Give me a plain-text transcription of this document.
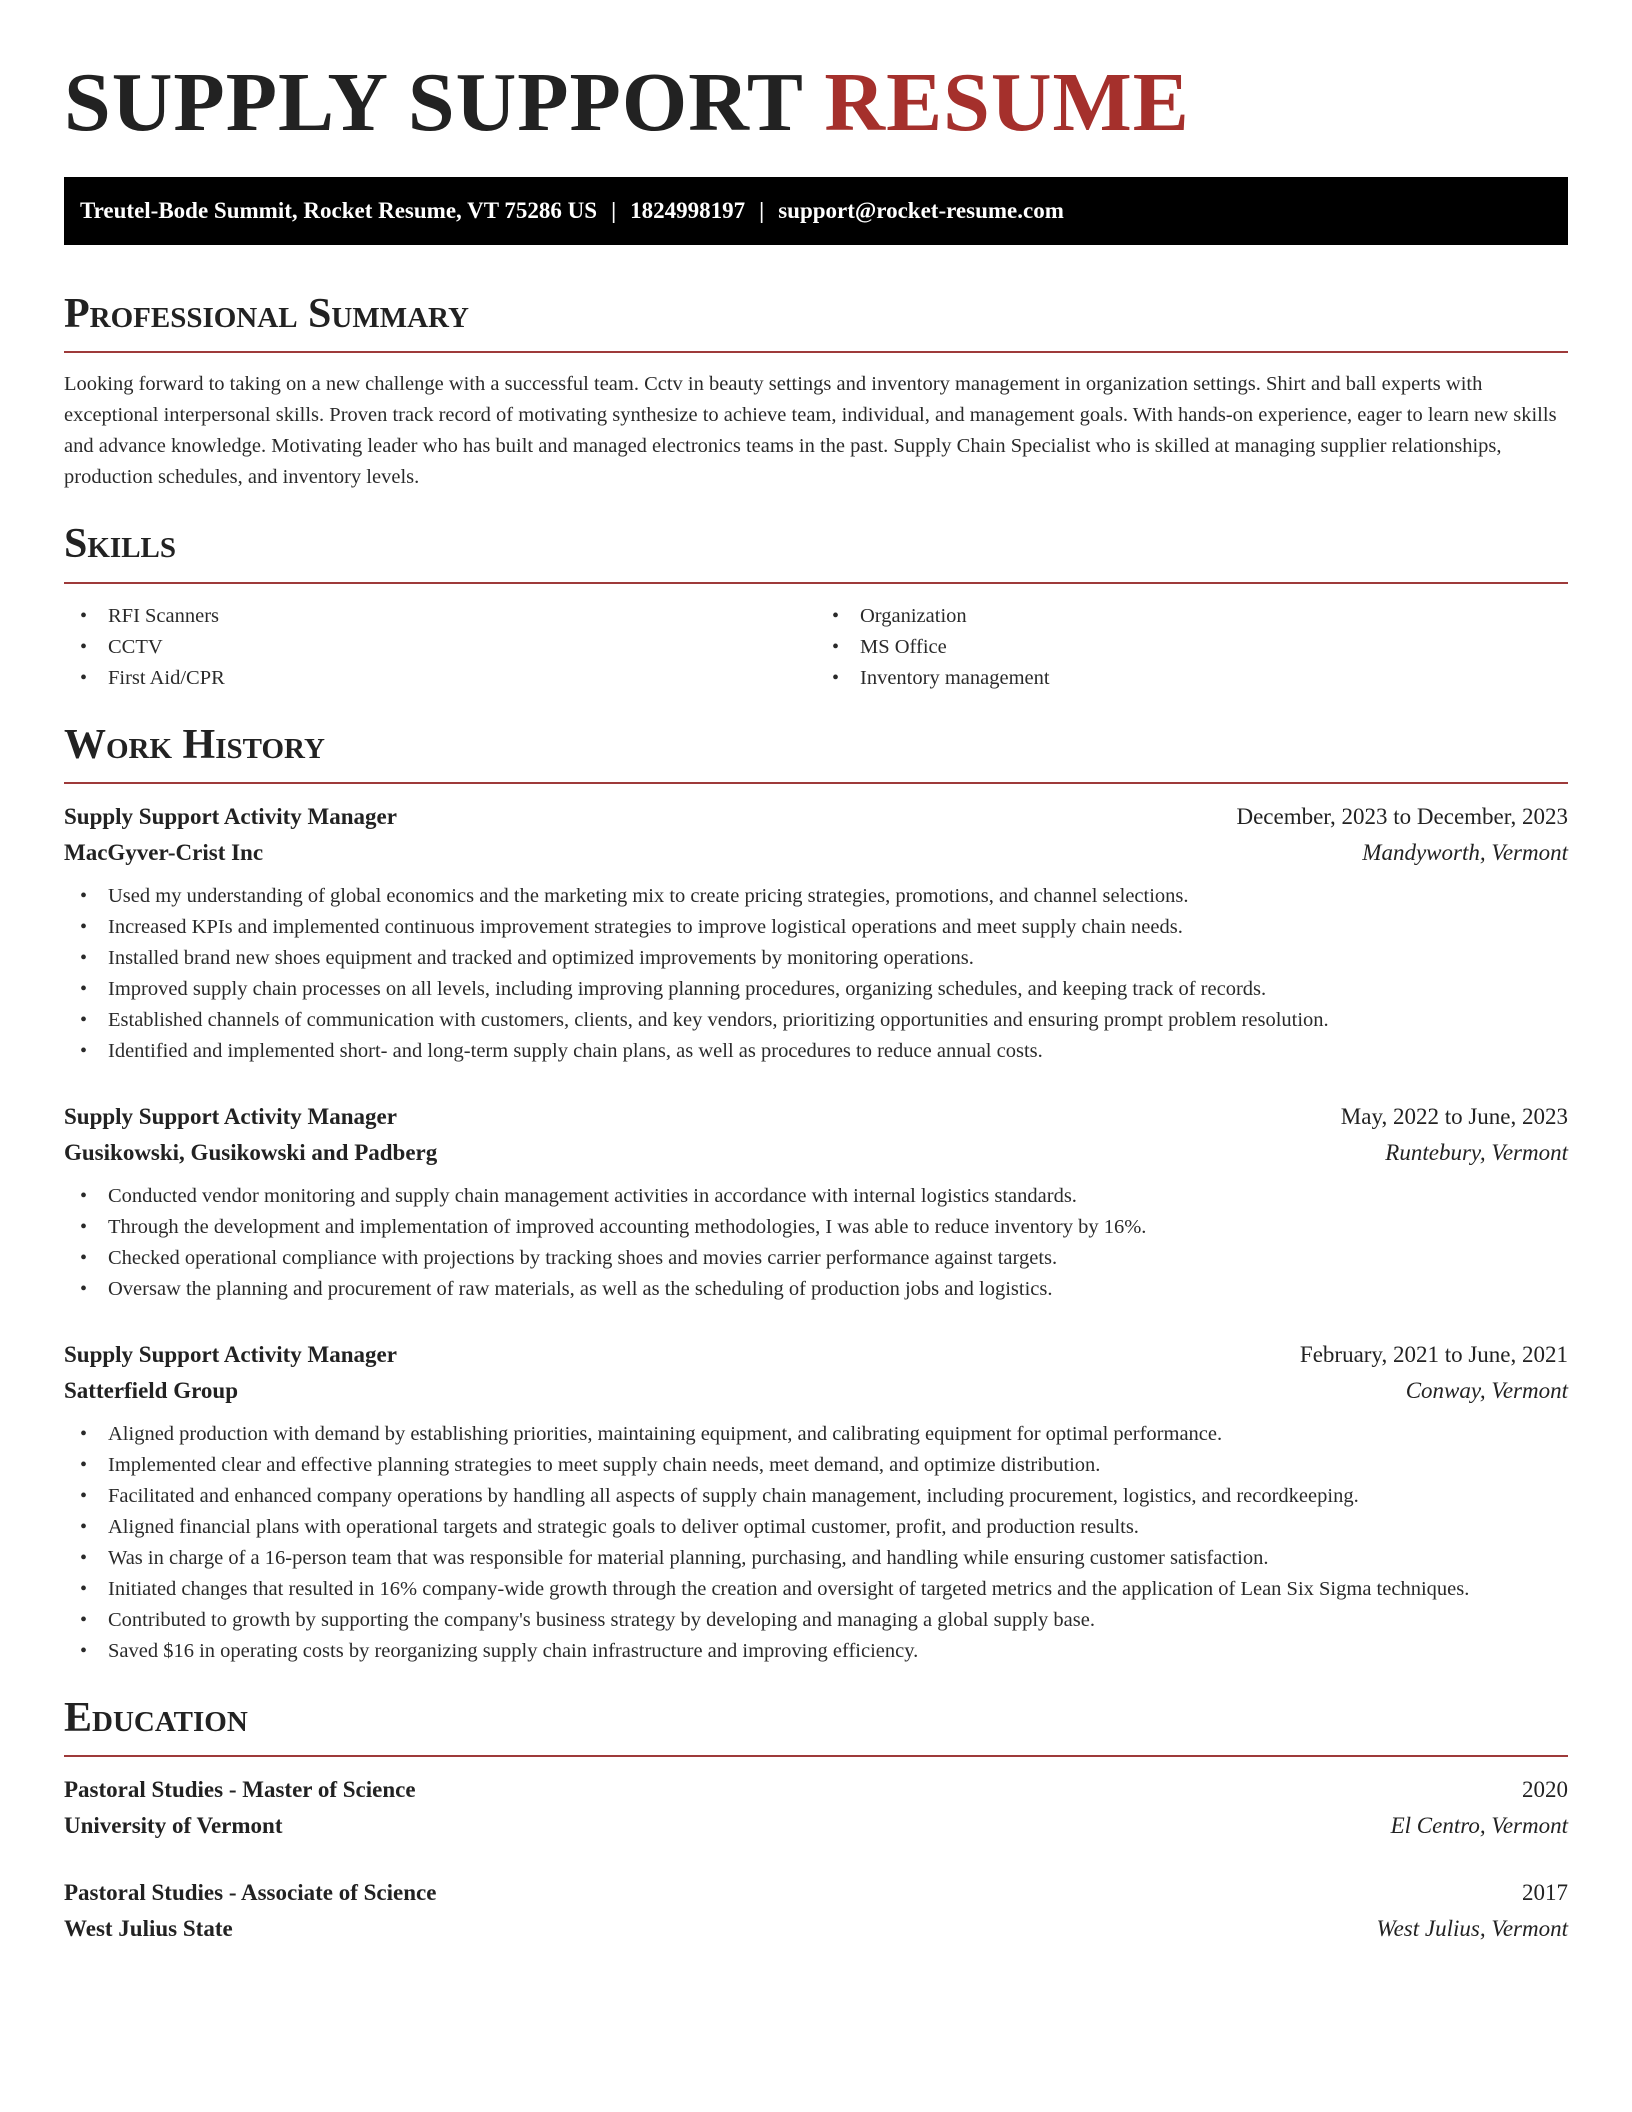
SUPPLY SUPPORT RESUME
Treutel-Bode Summit, Rocket Resume, VT 75286 US | 1824998197 | support@rocket-resume.com
Professional Summary

Looking forward to taking on a new challenge with a successful team. Cctv in beauty settings and inventory management in organization settings. Shirt and ball experts with exceptional interpersonal skills. Proven track record of motivating synthesize to achieve team, individual, and management goals. With hands-on experience, eager to learn new skills and advance knowledge. Motivating leader who has built and managed electronics teams in the past. Supply Chain Specialist who is skilled at managing supplier relationships, production schedules, and inventory levels.

Skills
• RFI Scanners
• CCTV
• First Aid/CPR
• Organization
• MS Office
• Inventory management
Work History
Supply Support Activity Manager	December, 2023 to December, 2023
MacGyver-Crist Inc	Mandyworth, Vermont
• Used my understanding of global economics and the marketing mix to create pricing strategies, promotions, and channel selections.
• Increased KPIs and implemented continuous improvement strategies to improve logistical operations and meet supply chain needs.
• Installed brand new shoes equipment and tracked and optimized improvements by monitoring operations.
• Improved supply chain processes on all levels, including improving planning procedures, organizing schedules, and keeping track of records.
• Established channels of communication with customers, clients, and key vendors, prioritizing opportunities and ensuring prompt problem resolution.
• Identified and implemented short- and long-term supply chain plans, as well as procedures to reduce annual costs.
Supply Support Activity Manager	May, 2022 to June, 2023
Gusikowski, Gusikowski and Padberg	Runtebury, Vermont
• Conducted vendor monitoring and supply chain management activities in accordance with internal logistics standards.
• Through the development and implementation of improved accounting methodologies, I was able to reduce inventory by 16%.
• Checked operational compliance with projections by tracking shoes and movies carrier performance against targets.
• Oversaw the planning and procurement of raw materials, as well as the scheduling of production jobs and logistics.
Supply Support Activity Manager	February, 2021 to June, 2021
Satterfield Group	Conway, Vermont
• Aligned production with demand by establishing priorities, maintaining equipment, and calibrating equipment for optimal performance.
• Implemented clear and effective planning strategies to meet supply chain needs, meet demand, and optimize distribution.
• Facilitated and enhanced company operations by handling all aspects of supply chain management, including procurement, logistics, and recordkeeping.
• Aligned financial plans with operational targets and strategic goals to deliver optimal customer, profit, and production results.
• Was in charge of a 16-person team that was responsible for material planning, purchasing, and handling while ensuring customer satisfaction.
• Initiated changes that resulted in 16% company-wide growth through the creation and oversight of targeted metrics and the application of Lean Six Sigma techniques.
• Contributed to growth by supporting the company's business strategy by developing and managing a global supply base.
• Saved $16 in operating costs by reorganizing supply chain infrastructure and improving efficiency.
Education
Pastoral Studies - Master of Science	2020
University of Vermont	El Centro, Vermont
Pastoral Studies - Associate of Science	2017
West Julius State	West Julius, Vermont
